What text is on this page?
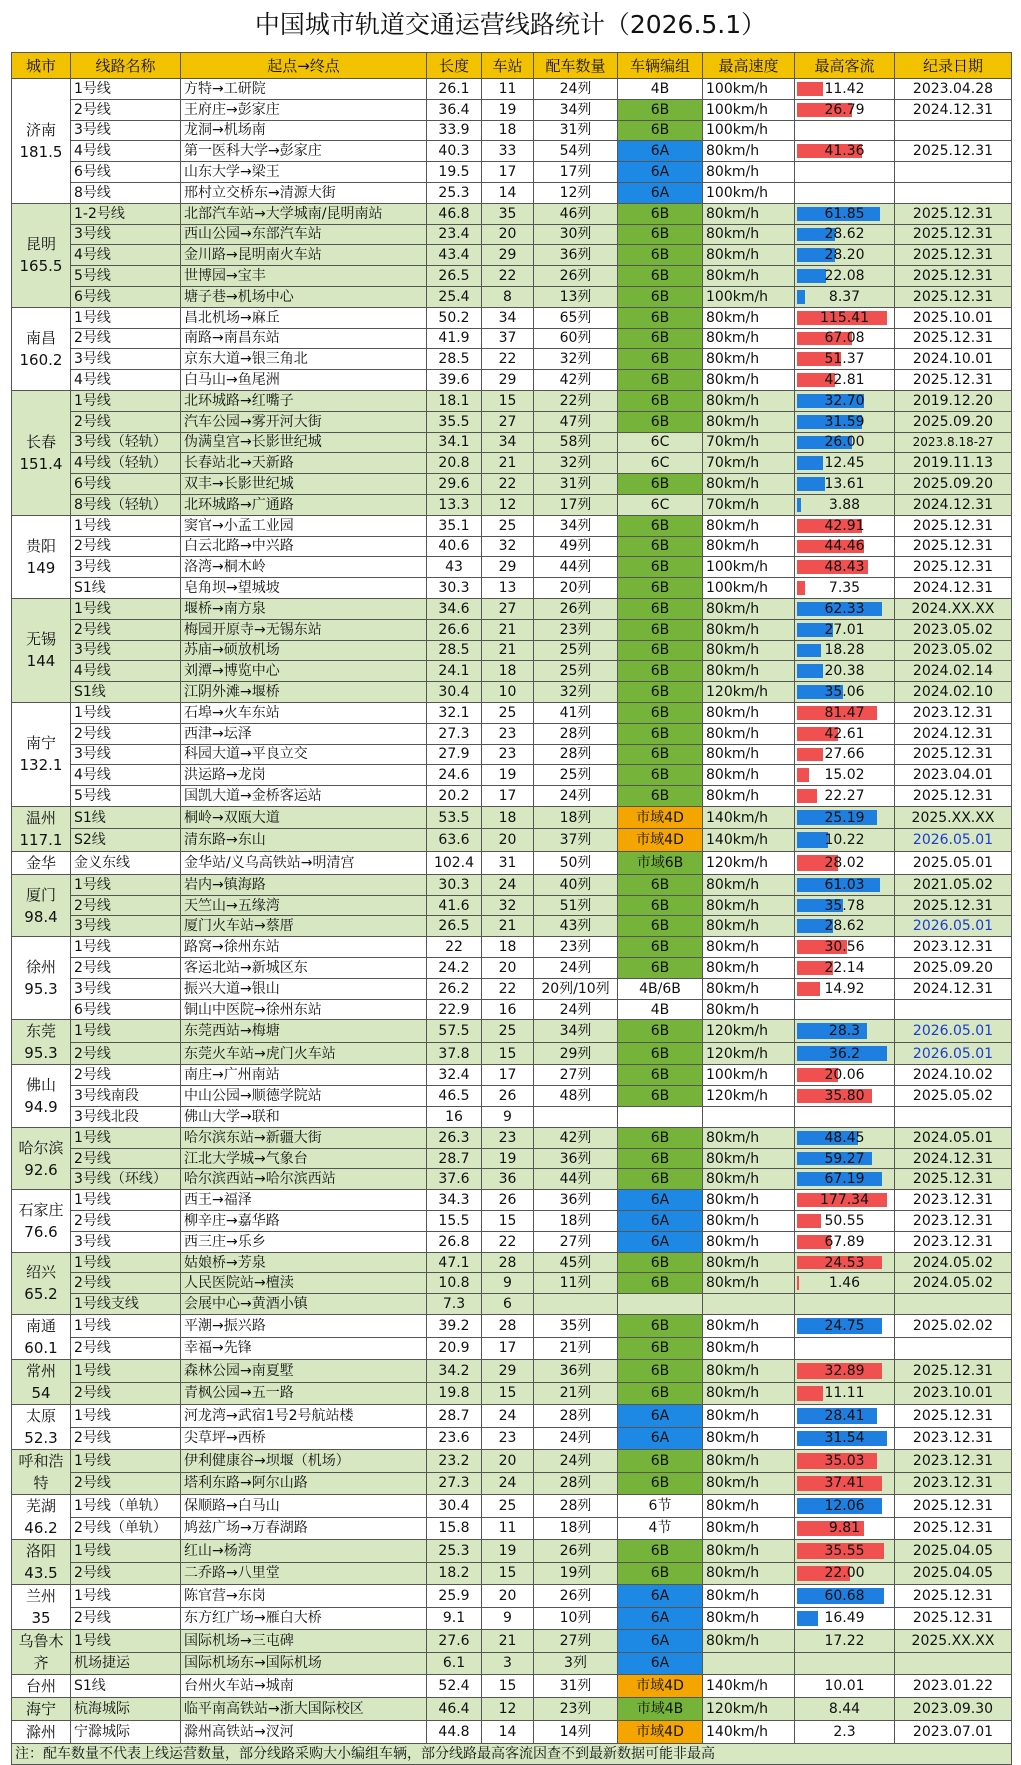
中国城市轨道交通运营线路统计（2026.5.1）
城市	线路名称	起点→终点	长度	车站	配车数量	车辆编组	最高速度	最高客流	纪录日期

济南
181.5	1号线	方特→工研院	26.1	11	24列	4B	100km/h	11.42	2023.04.28
	2号线	王府庄→彭家庄	36.4	19	34列	6B	100km/h	26.79	2024.12.31
	3号线	龙洞→机场南	33.9	18	31列	6B	100km/h	

	4号线	第一医科大学→彭家庄	40.3	33	54列	6A	80km/h	41.36	2025.12.31
	6号线	山东大学→梁王	19.5	17	17列	6A	80km/h	

	8号线	邢村立交桥东→清源大街	25.3	14	12列	6A	100km/h	

昆明
165.5	1-2号线	北部汽车站→大学城南/昆明南站	46.8	35	46列	6B	80km/h	61.85	2025.12.31
	3号线	西山公园→东部汽车站	23.4	20	30列	6B	80km/h	28.62	2025.12.31
	4号线	金川路→昆明南火车站	43.4	29	36列	6B	80km/h	28.20	2025.12.31
	5号线	世博园→宝丰	26.5	22	26列	6B	80km/h	22.08	2025.12.31
	6号线	塘子巷→机场中心	25.4	8	13列	6B	100km/h	8.37	2025.12.31

南昌
160.2	1号线	昌北机场→麻丘	50.2	34	65列	6B	80km/h	115.41	2025.10.01
	2号线	南路→南昌东站	41.9	37	60列	6B	80km/h	67.08	2025.12.31
	3号线	京东大道→银三角北	28.5	22	32列	6B	80km/h	51.37	2024.10.01
	4号线	白马山→鱼尾洲	39.6	29	42列	6B	80km/h	42.81	2025.12.31

长春
151.4	1号线	北环城路→红嘴子	18.1	15	22列	6B	80km/h	32.70	2019.12.20
	2号线	汽车公园→雾开河大街	35.5	27	47列	6B	80km/h	31.59	2025.09.20
	3号线（轻轨）	伪满皇宫→长影世纪城	34.1	34	58列	6C	70km/h	26.00	2023.8.18-27
	4号线（轻轨）	长春站北→天新路	20.8	21	32列	6C	70km/h	12.45	2019.11.13
	6号线	双丰→长影世纪城	29.6	22	31列	6B	80km/h	13.61	2025.09.20
	8号线（轻轨）	北环城路→广通路	13.3	12	17列	6C	70km/h	3.88	2024.12.31

贵阳
149	1号线	窦官→小孟工业园	35.1	25	34列	6B	80km/h	42.91	2025.12.31
	2号线	白云北路→中兴路	40.6	32	49列	6B	80km/h	44.46	2025.12.31
	3号线	洛湾→桐木岭	43	29	44列	6B	100km/h	48.43	2025.12.31
	S1线	皂角坝→望城坡	30.3	13	20列	6B	100km/h	7.35	2024.12.31

无锡
144	1号线	堰桥→南方泉	34.6	27	26列	6B	80km/h	62.33	2024.XX.XX
	2号线	梅园开原寺→无锡东站	26.6	21	23列	6B	80km/h	27.01	2023.05.02
	3号线	苏庙→硕放机场	28.5	21	25列	6B	80km/h	18.28	2023.05.02
	4号线	刘潭→博览中心	24.1	18	25列	6B	80km/h	20.38	2024.02.14
	S1线	江阴外滩→堰桥	30.4	10	32列	6B	120km/h	35.06	2024.02.10

南宁
132.1	1号线	石埠→火车东站	32.1	25	41列	6B	80km/h	81.47	2023.12.31
	2号线	西津→坛泽	27.3	23	28列	6B	80km/h	42.61	2024.12.31
	3号线	科园大道→平良立交	27.9	23	28列	6B	80km/h	27.66	2025.12.31
	4号线	洪运路→龙岗	24.6	19	25列	6B	80km/h	15.02	2023.04.01
	5号线	国凯大道→金桥客运站	20.2	17	24列	6B	80km/h	22.27	2025.12.31

温州
117.1	S1线	桐岭→双瓯大道	53.5	18	18列	市域4D	140km/h	25.19	2025.XX.XX
	S2线	清东路→东山	63.6	20	37列	市域4D	140km/h	10.22	2026.05.01

金华	金义东线	金华站/义乌高铁站→明清宫	102.4	31	50列	市域6B	120km/h	28.02	2025.05.01

厦门
98.4	1号线	岩内→镇海路	30.3	24	40列	6B	80km/h	61.03	2021.05.02
	2号线	天竺山→五缘湾	41.6	32	51列	6B	80km/h	35.78	2025.12.31
	3号线	厦门火车站→蔡厝	26.5	21	43列	6B	80km/h	28.62	2026.05.01

徐州
95.3	1号线	路窝→徐州东站	22	18	23列	6B	80km/h	30.56	2023.12.31
	2号线	客运北站→新城区东	24.2	20	24列	6B	80km/h	22.14	2025.09.20
	3号线	振兴大道→银山	26.2	22	20列/10列	4B/6B	80km/h	14.92	2024.12.31
	6号线	铜山中医院→徐州东站	22.9	16	24列	4B	80km/h	

东莞
95.3	1号线	东莞西站→梅塘	57.5	25	34列	6B	120km/h	28.3	2026.05.01
	2号线	东莞火车站→虎门火车站	37.8	15	29列	6B	120km/h	36.2	2026.05.01

佛山
94.9	2号线	南庄→广州南站	32.4	17	27列	6B	100km/h	20.06	2024.10.02
	3号线南段	中山公园→顺德学院站	46.5	26	48列	6B	120km/h	35.80	2025.05.02
	3号线北段	佛山大学→联和	16	9				

哈尔滨
92.6	1号线	哈尔滨东站→新疆大街	26.3	23	42列	6B	80km/h	48.45	2024.05.01
	2号线	江北大学城→气象台	28.7	19	36列	6B	80km/h	59.27	2024.12.31
	3号线（环线）	哈尔滨西站→哈尔滨西站	37.6	36	44列	6B	80km/h	67.19	2025.12.31

石家庄
76.6	1号线	西王→福泽	34.3	26	36列	6A	80km/h	177.34	2023.12.31
	2号线	柳辛庄→嘉华路	15.5	15	18列	6A	80km/h	50.55	2023.12.31
	3号线	西三庄→乐乡	26.8	22	27列	6A	80km/h	67.89	2023.12.31

绍兴
65.2	1号线	姑娘桥→芳泉	47.1	28	45列	6B	80km/h	24.53	2024.05.02
	2号线	人民医院站→檀渎	10.8	9	11列	6B	80km/h	1.46	2024.05.02
	1号线支线	会展中心→黄酒小镇	7.3	6				

南通
60.1	1号线	平潮→振兴路	39.2	28	35列	6B	80km/h	24.75	2025.02.02
	2号线	幸福→先锋	20.9	17	21列	6B	80km/h	

常州
54	1号线	森林公园→南夏墅	34.2	29	36列	6B	80km/h	32.89	2025.12.31
	2号线	青枫公园→五一路	19.8	15	21列	6B	80km/h	11.11	2023.10.01

太原
52.3	1号线	河龙湾→武宿1号2号航站楼	28.7	24	28列	6A	80km/h	28.41	2025.12.31
	2号线	尖草坪→西桥	23.6	23	24列	6A	80km/h	31.54	2023.12.31

呼和浩特	1号线	伊利健康谷→坝堰（机场）	23.2	20	24列	6B	80km/h	35.03	2023.12.31
	2号线	塔利东路→阿尔山路	27.3	24	28列	6B	80km/h	37.41	2023.12.31

芜湖
46.2	1号线（单轨）	保顺路→白马山	30.4	25	28列	6节	80km/h	12.06	2025.12.31
	2号线（单轨）	鸠兹广场→万春湖路	15.8	11	18列	4节	80km/h	9.81	2025.12.31

洛阳
43.5	1号线	红山→杨湾	25.3	19	26列	6B	80km/h	35.55	2025.04.05
	2号线	二乔路→八里堂	18.2	15	19列	6B	80km/h	22.00	2025.04.05

兰州
35	1号线	陈官营→东岗	25.9	20	26列	6A	80km/h	60.68	2025.12.31
	2号线	东方红广场→雁白大桥	9.1	9	10列	6A	80km/h	16.49	2025.12.31

乌鲁木齐	1号线	国际机场→三屯碑	27.6	21	27列	6A	80km/h	17.22	2025.XX.XX
	机场捷运	国际机场东→国际机场	6.1	3	3列	6A		

台州	S1线	台州火车站→城南	52.4	15	31列	市域4D	140km/h	10.01	2023.01.22

海宁	杭海城际	临平南高铁站→浙大国际校区	46.4	12	23列	市域4B	120km/h	8.44	2023.09.30

滁州	宁滁城际	滁州高铁站→汊河	44.8	14	14列	市域4D	140km/h	2.3	2023.07.01
注：配车数量不代表上线运营数量，部分线路采购大小编组车辆，部分线路最高客流因查不到最新数据可能非最高									
